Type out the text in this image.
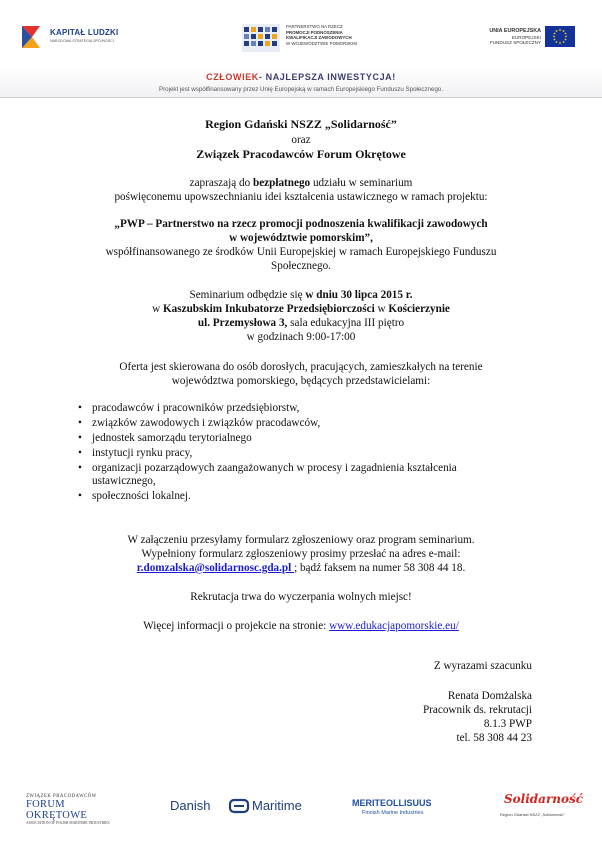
KAPITAŁ LUDZKI
NARODOWA STRATEGIA SPÓJNOŚCI
PARTNERSTWO NA RZECZ
PROMOCJI PODNOSZENIA
KWALIFIKACJI ZAWODOWYCH
W WOJEWÓDZTWIE POMORSKIM
UNIA EUROPEJSKA
EUROPEJSKI
FUNDUSZ SPOŁECZNY
CZŁOWIEK- NAJLEPSZA INWESTYCJA!
Projekt jest współfinansowany przez Unię Europejską w ramach Europejskiego Funduszu Społecznego.
Region Gdański NSZZ „Solidarność”
oraz
Związek Pracodawców Forum Okrętowe
zapraszają do bezpłatnego udziału w seminarium
poświęconemu upowszechnianiu idei kształcenia ustawicznego w ramach projektu:
„PWP – Partnerstwo na rzecz promocji podnoszenia kwalifikacji zawodowych
w województwie pomorskim”,
współfinansowanego ze środków Unii Europejskiej w ramach Europejskiego Funduszu
Społecznego.
Seminarium odbędzie się w dniu 30 lipca 2015 r.
w Kaszubskim Inkubatorze Przedsiębiorczości w Kościerzynie
ul. Przemysłowa 3, sala edukacyjna III piętro
w godzinach 9:00-17:00
Oferta jest skierowana do osób dorosłych, pracujących, zamieszkałych na terenie
województwa pomorskiego, będących przedstawicielami:
• pracodawców i pracowników przedsiębiorstw,
• związków zawodowych i związków pracodawców,
• jednostek samorządu terytorialnego
• instytucji rynku pracy,
• organizacji pozarządowych zaangażowanych w procesy i zagadnienia kształcenia ustawicznego,
• społeczności lokalnej.
W załączeniu przesyłamy formularz zgłoszeniowy oraz program seminarium.
Wypełniony formularz zgłoszeniowy prosimy przesłać na adres e-mail:
r.domzalska@solidarnosc.gda.pl ; bądź faksem na numer 58 308 44 18.
Rekrutacja trwa do wyczerpania wolnych miejsc!
Więcej informacji o projekcie na stronie: www.edukacjapomorskie.eu/
Z wyrazami szacunku
Renata Domżalska
Pracownik ds. rekrutacji
8.1.3 PWP
tel. 58 308 44 23
ZWIĄZEK PRACODAWCÓW
FORUM OKRĘTOWE
ASSOCIATION OF POLISH MARITIME INDUSTRIES
Danish	Maritime	MERITEOLLISUUS
Finnish Marine Industries
Solidarność
Region Gdański NSZZ „Solidarność”
